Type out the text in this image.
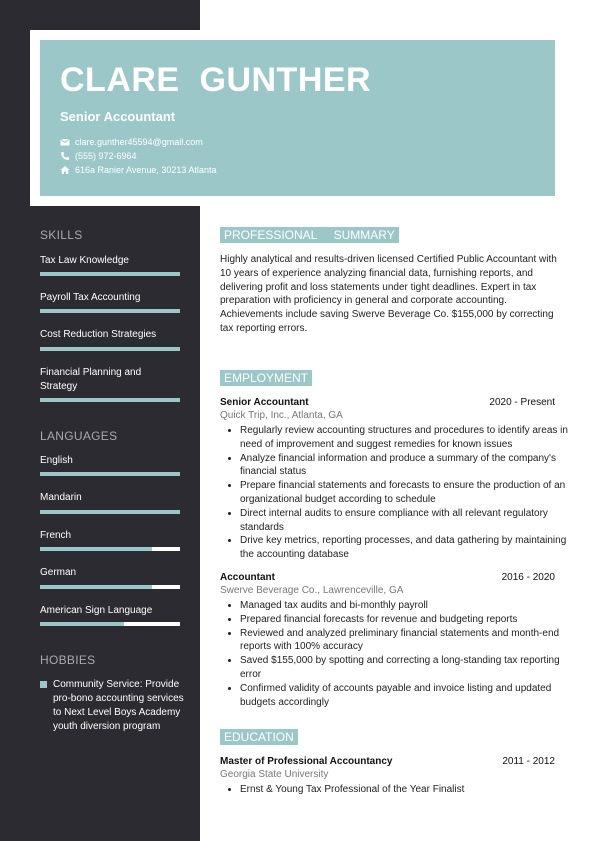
SKILLS
Tax Law Knowledge
Payroll Tax Accounting
Cost Reduction Strategies
Financial Planning and Strategy
LANGUAGES
English
Mandarin
French
German
American Sign Language
HOBBIES
Community Service: Provide pro-bono accounting services to Next Level Boys Academy youth diversion program
CLARE  GUNTHER
Senior Accountant
clare.gunther45594@gmail.com
(555) 972-6964
616a Ranier Avenue, 30213 Atlanta
PROFESSIONAL     SUMMARY
Highly analytical and results-driven licensed Certified Public Accountant with 10 years of experience analyzing financial data, furnishing reports, and delivering profit and loss statements under tight deadlines. Expert in tax preparation with proficiency in general and corporate accounting. Achievements include saving Swerve Beverage Co. $155,000 by correcting tax reporting errors.
EMPLOYMENT
Senior Accountant	2020 - Present
Quick Trip, Inc., Atlanta, GA
• Regularly review accounting structures and procedures to identify areas in need of improvement and suggest remedies for known issues
• Analyze financial information and produce a summary of the company's financial status
• Prepare financial statements and forecasts to ensure the production of an organizational budget according to schedule
• Direct internal audits to ensure compliance with all relevant regulatory standards
• Drive key metrics, reporting processes, and data gathering by maintaining the accounting database
Accountant	2016 - 2020
Swerve Beverage Co., Lawrenceville, GA
• Managed tax audits and bi-monthly payroll
• Prepared financial forecasts for revenue and budgeting reports
• Reviewed and analyzed preliminary financial statements and month-end reports with 100% accuracy
• Saved $155,000 by spotting and correcting a long-standing tax reporting error
• Confirmed validity of accounts payable and invoice listing and updated budgets accordingly
EDUCATION
Master of Professional Accountancy	2011 - 2012
Georgia State University
• Ernst & Young Tax Professional of the Year Finalist
